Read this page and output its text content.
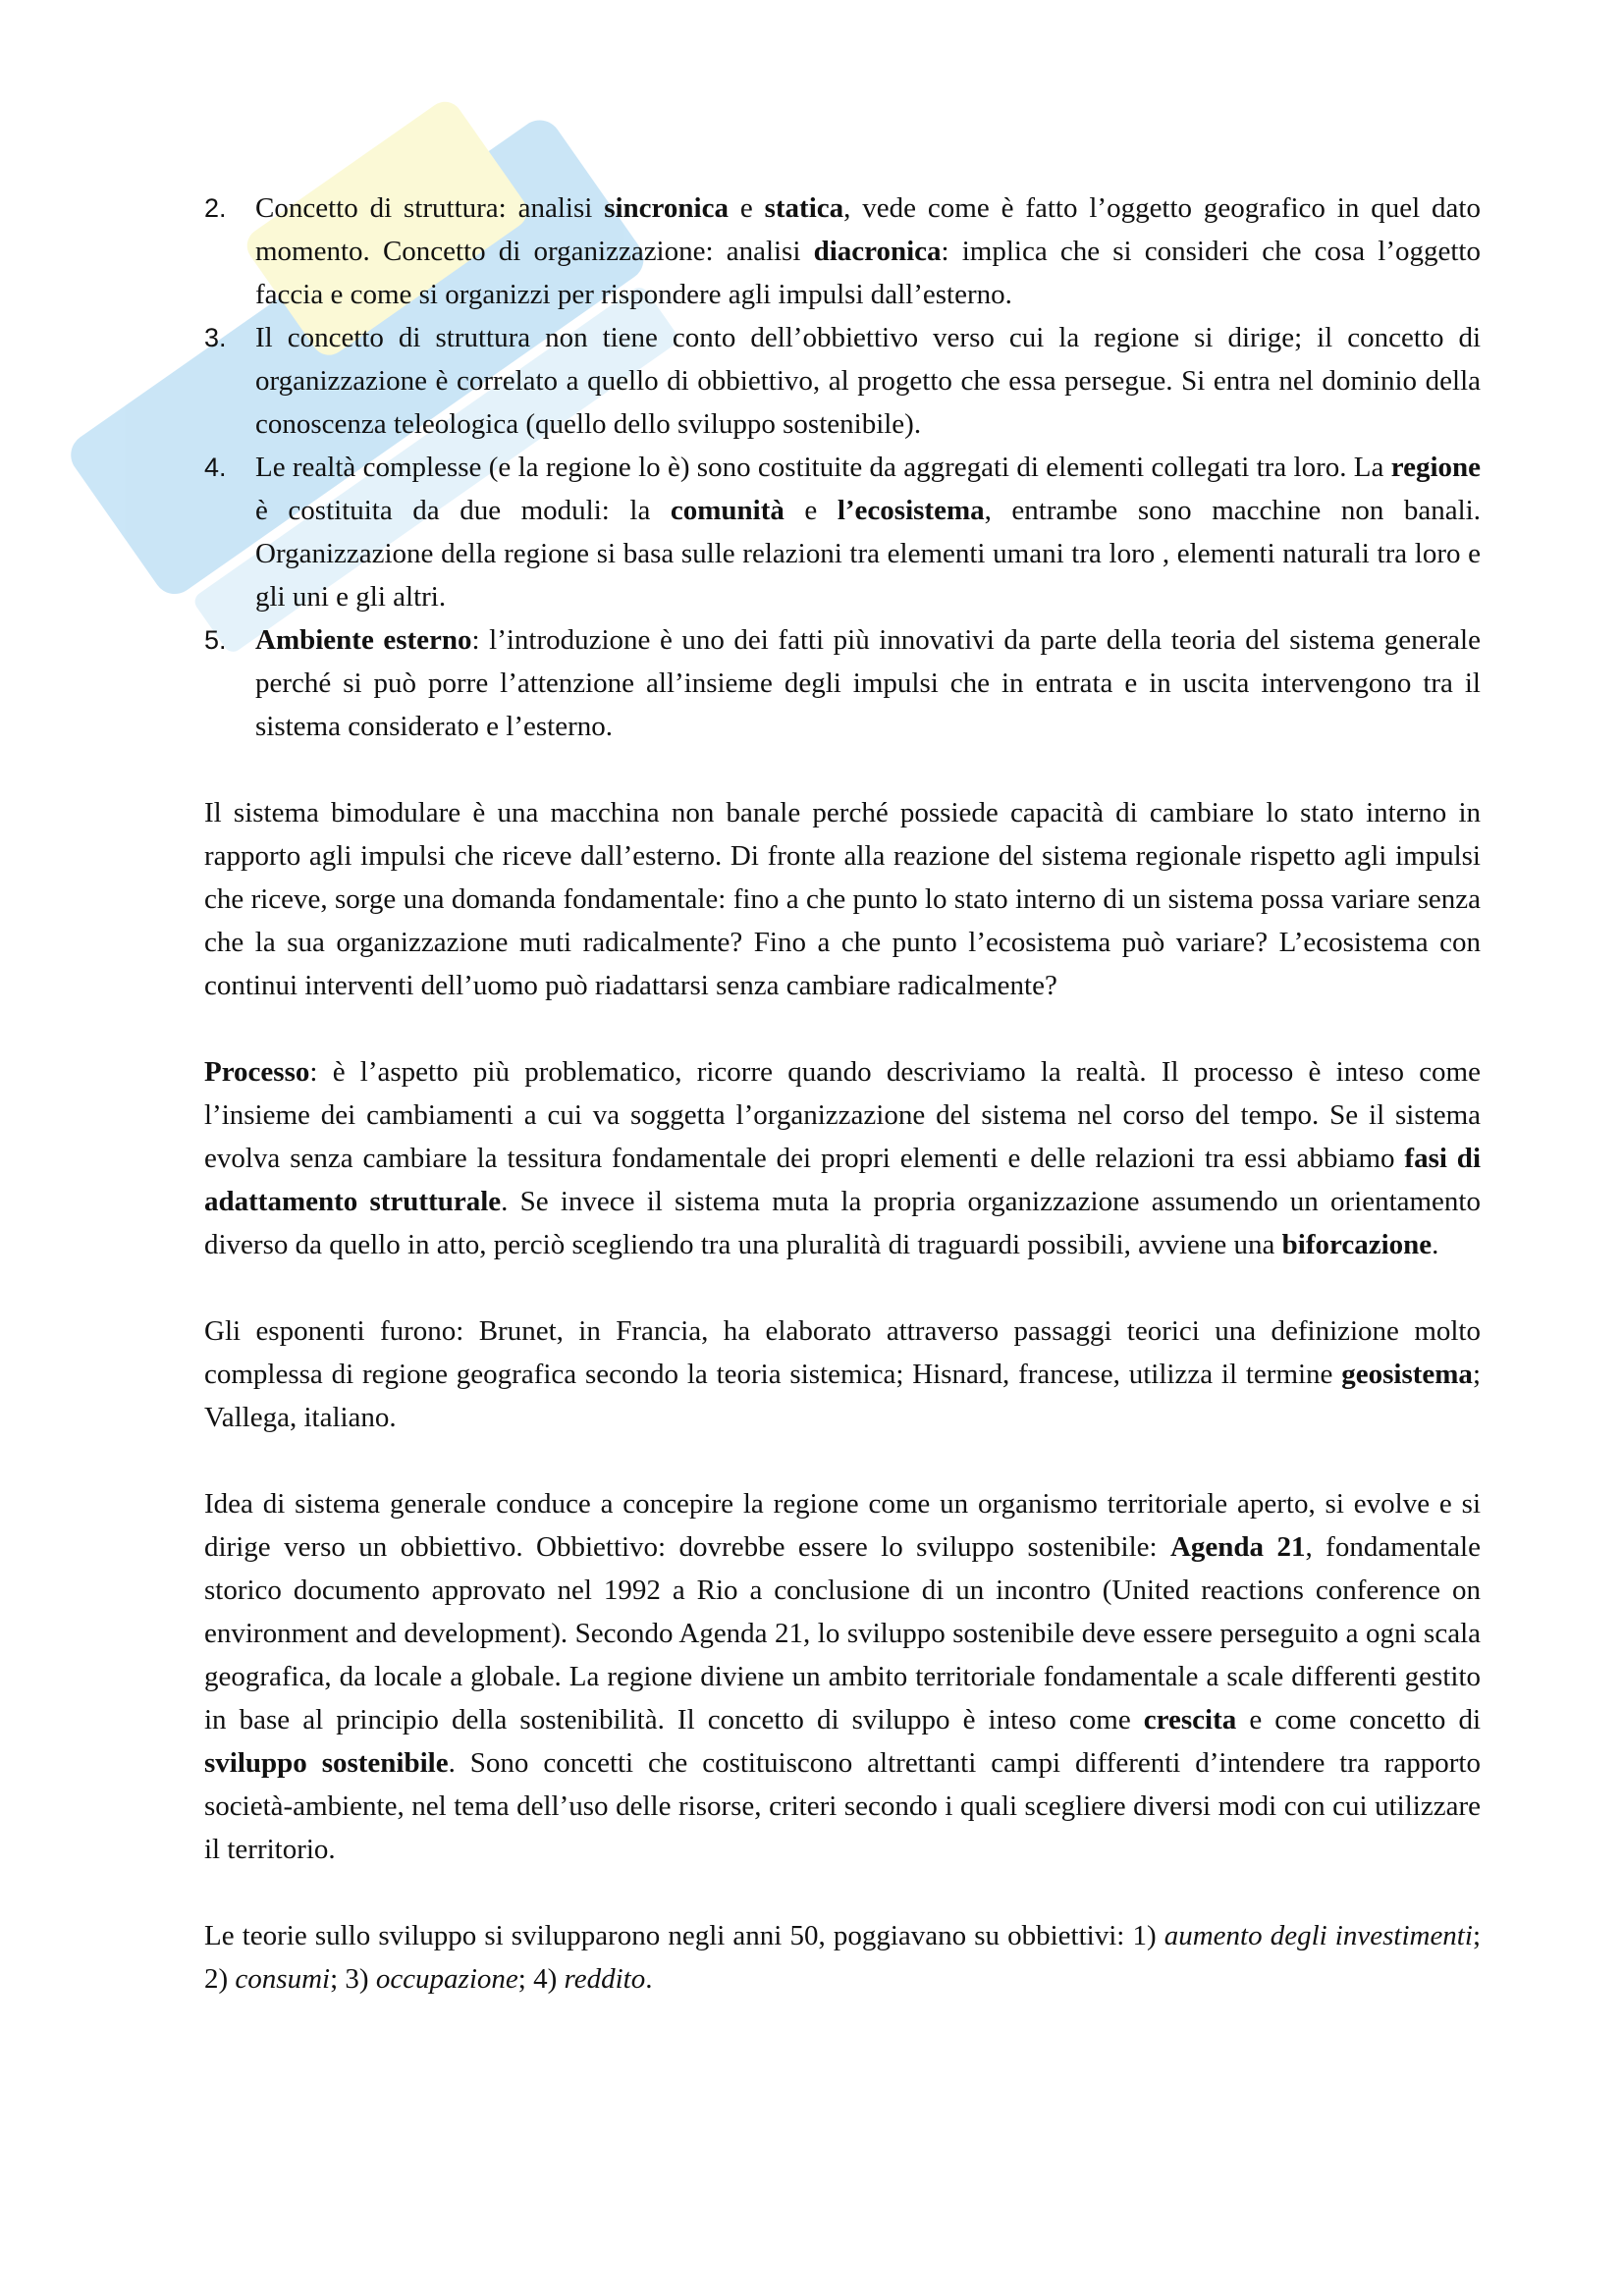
2. Concetto di struttura: analisi sincronica e statica, vede come è fatto l’oggetto geografico in quel dato momento. Concetto di organizzazione: analisi diacronica: implica che si consideri che cosa l’oggetto faccia e come si organizzi per rispondere agli impulsi dall’esterno.
3. Il concetto di struttura non tiene conto dell’obbiettivo verso cui la regione si dirige; il concetto di organizzazione è correlato a quello di obbiettivo, al progetto che essa persegue. Si entra nel dominio della conoscenza teleologica (quello dello sviluppo sostenibile).
4. Le realtà complesse (e la regione lo è) sono costituite da aggregati di elementi collegati tra loro. La regione è costituita da due moduli: la comunità e l’ecosistema, entrambe sono macchine non banali. Organizzazione della regione si basa sulle relazioni tra elementi umani tra loro , elementi naturali tra loro e gli uni e gli altri.
5. Ambiente esterno: l’introduzione è uno dei fatti più innovativi da parte della teoria del sistema generale perché si può porre l’attenzione all’insieme degli impulsi che in entrata e in uscita intervengono tra il sistema considerato e l’esterno.

Il sistema bimodulare è una macchina non banale perché possiede capacità di cambiare lo stato interno in rapporto agli impulsi che riceve dall’esterno. Di fronte alla reazione del sistema regionale rispetto agli impulsi che riceve, sorge una domanda fondamentale: fino a che punto lo stato interno di un sistema possa variare senza che la sua organizzazione muti radicalmente? Fino a che punto l’ecosistema può variare? L’ecosistema con continui interventi dell’uomo può riadattarsi senza cambiare radicalmente?

Processo: è l’aspetto più problematico, ricorre quando descriviamo la realtà. Il processo è inteso come l’insieme dei cambiamenti a cui va soggetta l’organizzazione del sistema nel corso del tempo. Se il sistema evolva senza cambiare la tessitura fondamentale dei propri elementi e delle relazioni tra essi abbiamo fasi di adattamento strutturale. Se invece il sistema muta la propria organizzazione assumendo un orientamento diverso da quello in atto, perciò scegliendo tra una pluralità di traguardi possibili, avviene una biforcazione.

Gli esponenti furono: Brunet, in Francia, ha elaborato attraverso passaggi teorici una definizione molto complessa di regione geografica secondo la teoria sistemica; Hisnard, francese, utilizza il termine geosistema; Vallega, italiano.

Idea di sistema generale conduce a concepire la regione come un organismo territoriale aperto, si evolve e si dirige verso un obbiettivo. Obbiettivo: dovrebbe essere lo sviluppo sostenibile: Agenda 21, fondamentale storico documento approvato nel 1992 a Rio a conclusione di un incontro (United reactions conference on environment and development). Secondo Agenda 21, lo sviluppo sostenibile deve essere perseguito a ogni scala geografica, da locale a globale. La regione diviene un ambito territoriale fondamentale a scale differenti gestito in base al principio della sostenibilità. Il concetto di sviluppo è inteso come crescita e come concetto di sviluppo sostenibile. Sono concetti che costituiscono altrettanti campi differenti d’intendere tra rapporto società-ambiente, nel tema dell’uso delle risorse, criteri secondo i quali scegliere diversi modi con cui utilizzare il territorio.

Le teorie sullo sviluppo si svilupparono negli anni 50, poggiavano su obbiettivi: 1) aumento degli investimenti; 2) consumi; 3) occupazione; 4) reddito.
